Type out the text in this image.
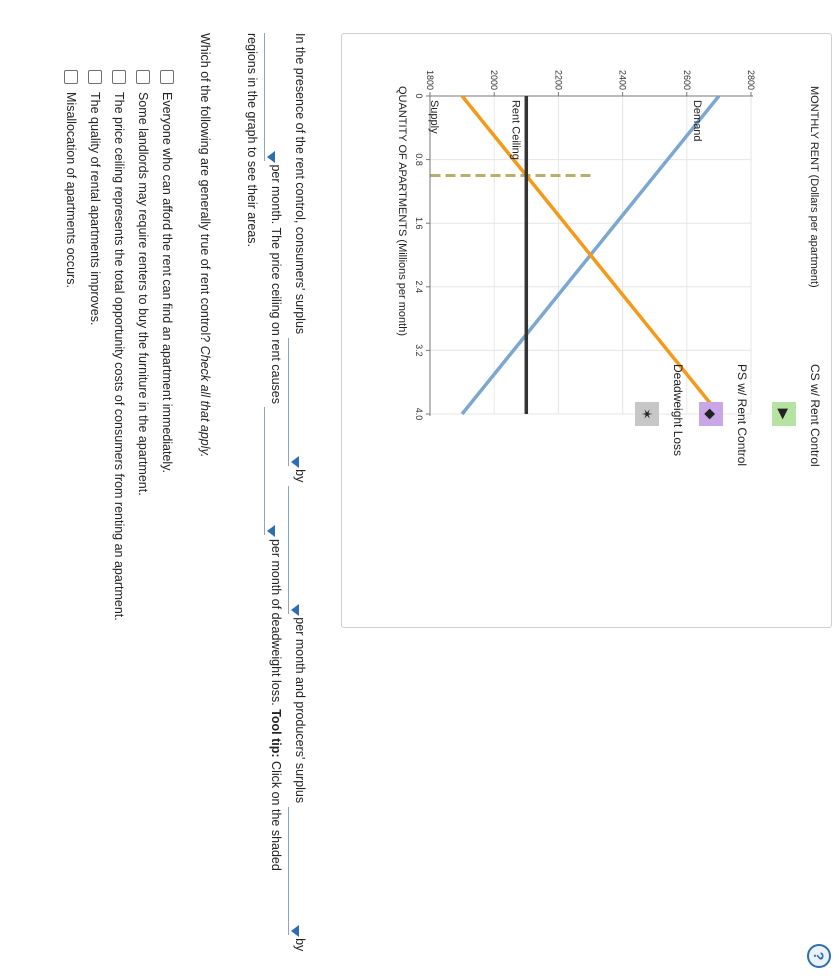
?
1800	2000	2200	2400	2600	2800
0
0.8
1.6
2.4
3.2
4.0
MONTHLY RENT (Dollars per apartment)
QUANTITY OF APARTMENTS (Millions per month)	Demand
Supply	Rent Ceiling
CS w/ Rent Control
▶
PS w/ Rent Control
◆
Deadweight Loss
✶
In the presence of the rent control, consumers' surplus
by
per month and producers' surplus
by
per month. The price ceiling on rent causes
per month of deadweight loss. Tool tip: Click on the shaded
regions in the graph to see their areas.
Which of the following are generally true of rent control? Check all that apply.
Everyone who can afford the rent can find an apartment immediately.
Some landlords may require renters to buy the furniture in the apartment.
The price ceiling represents the total opportunity costs of consumers from renting an apartment.
The quality of rental apartments improves.
Misallocation of apartments occurs.
